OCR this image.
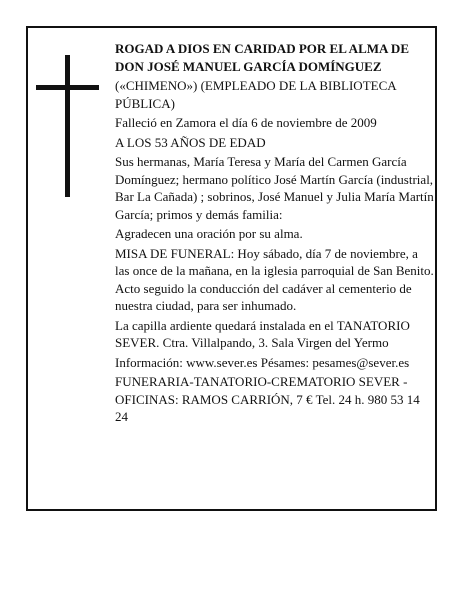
ROGAD A DIOS EN CARIDAD POR EL ALMA DE DON JOSÉ MANUEL GARCÍA DOMÍNGUEZ

(«CHIMENO») (EMPLEADO DE LA BIBLIOTECA PÚBLICA)

Falleció en Zamora el día 6 de noviembre de 2009

A LOS 53 AÑOS DE EDAD

Sus hermanas, María Teresa y María del Carmen García Domínguez; hermano político José Martín García (industrial, Bar La Cañada) ; sobrinos, José Manuel y Julia María Martín García; primos y demás familia:

Agradecen una oración por su alma.

MISA DE FUNERAL: Hoy sábado, día 7 de noviembre, a las once de la mañana, en la iglesia parroquial de San Benito. Acto seguido la conducción del cadáver al cementerio de nuestra ciudad, para ser inhumado.

La capilla ardiente quedará instalada en el TANATORIO SEVER. Ctra. Villalpando, 3. Sala Virgen del Yermo

Información: www.sever.es Pésames: pesames@sever.es

FUNERARIA-TANATORIO-CREMATORIO SEVER - OFICINAS: RAMOS CARRIÓN, 7 € Tel. 24 h. 980 53 14 24
